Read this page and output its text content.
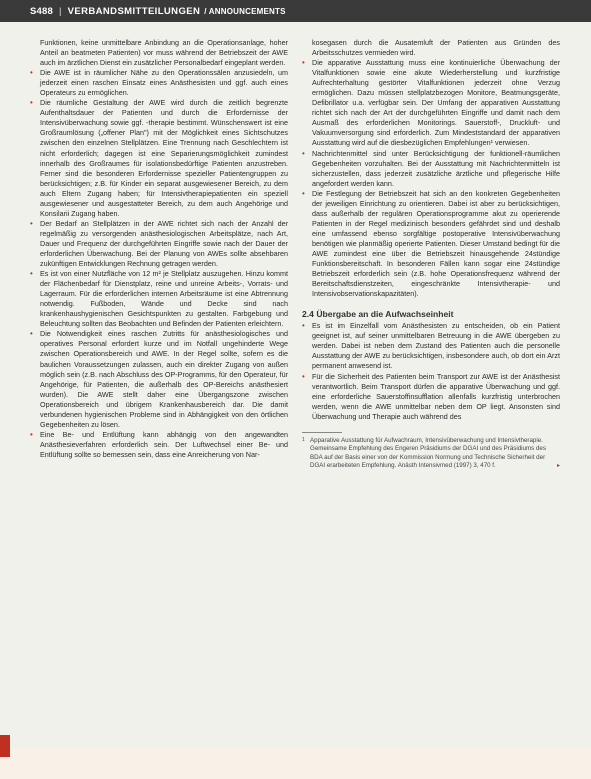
S488 | VERBANDSMITTEILUNGEN / ANNOUNCEMENTS
Funktionen, keine unmittelbare Anbindung an die Operationsanlage, hoher Anteil an beatmeten Patienten) vor muss während der Betriebszeit der AWE auch im ärztlichen Dienst ein zusätzlicher Personalbedarf eingeplant werden.
• Die AWE ist in räumlicher Nähe zu den Operationssälen anzusiedeln, um jederzeit einen raschen Einsatz eines Anästhesisten und ggf. auch eines Operateurs zu ermöglichen.
• Die räumliche Gestaltung der AWE wird durch die zeitlich begrenzte Aufenthaltsdauer der Patienten und durch die Erfordernisse der Intensivüberwachung sowie ggf. -therapie bestimmt. Wünschenswert ist eine Großraumlösung („offener Plan") mit der Möglichkeit eines Sichtschutzes zwischen den einzelnen Stellplätzen. Eine Trennung nach Geschlechtern ist nicht erforderlich; dagegen ist eine Separierungsmöglichkeit zumindest innerhalb des Großraumes für isolationsbedürftige Patienten anzustreben. Ferner sind die besonderen Erfordernisse spezieller Patientengruppen zu berücksichtigen; z.B. für Kinder ein separat ausgewiesener Bereich, zu dem auch Eltern Zugang haben; für Intensivtherapiepatienten ein speziell ausgewiesener und ausgestatteter Bereich, zu dem auch Angehörige und Konsilarii Zugang haben.
• Der Bedarf an Stellplätzen in der AWE richtet sich nach der Anzahl der regelmäßig zu versorgenden anästhesiologischen Arbeitsplätze, nach Art, Dauer und Frequenz der durchgeführten Eingriffe sowie nach der Dauer der erforderlichen Überwachung. Bei der Planung von AWEs sollte absehbaren zukünftigen Entwicklungen Rechnung getragen werden.
• Es ist von einer Nutzfläche von 12 m² je Stellplatz auszugehen. Hinzu kommt der Flächenbedarf für Dienstplatz, reine und unreine Arbeits-, Vorrats- und Lagerraum. Für die erforderlichen internen Arbeitsräume ist eine Abtrennung notwendig. Fußboden, Wände und Decke sind nach krankenhaushygienischen Gesichtspunkten zu gestalten. Farbgebung und Beleuchtung sollten das Beobachten und Befinden der Patienten erleichtern.
• Die Notwendigkeit eines raschen Zutritts für anästhesiologisches und operatives Personal erfordert kurze und im Notfall ungehinderte Wege zwischen Operationsbereich und AWE. In der Regel sollte, sofern es die baulichen Voraussetzungen zulassen, auch ein direkter Zugang von außen möglich sein (z.B. nach Abschluss des OP-Programms, für den Operateur, für Angehörige, für Patienten, die außerhalb des OP-Bereichs anästhesiert wurden). Die AWE stellt daher eine Übergangszone zwischen Operationsbereich und übrigem Krankenhausbereich dar. Die damit verbundenen hygienischen Probleme sind in Abhängigkeit von den örtlichen Gegebenheiten zu lösen.
• Eine Be- und Entlüftung kann abhängig von den angewandten Anästhesieverfahren erforderlich sein. Der Luftwechsel einer Be- und Entlüftung sollte so bemessen sein, dass eine Anreicherung von Nar-
kosegasen durch die Ausatemluft der Patienten aus Gründen des Arbeitsschutzes vermieden wird.
• Die apparative Ausstattung muss eine kontinuierliche Überwachung der Vitalfunktionen sowie eine akute Wiederherstellung und kurzfristige Aufrechterhaltung gestörter Vitalfunktionen jederzeit ohne Verzug ermöglichen. Dazu müssen stellplatzbezogen Monitore, Beatmungsgeräte, Defibrillator u.a. verfügbar sein. Der Umfang der apparativen Ausstattung richtet sich nach der Art der durchgeführten Eingriffe und damit nach dem Ausmaß des erforderlichen Monitorings. Sauerstoff-, Druckluft- und Vakuumversorgung sind erforderlich. Zum Mindeststandard der apparativen Ausstattung wird auf die diesbezüglichen Empfehlungen¹ verwiesen.
• Nachrichtenmittel sind unter Berücksichtigung der funktionell-räumlichen Gegebenheiten vorzuhalten. Bei der Ausstattung mit Nachrichtenmitteln ist sicherzustellen, dass jederzeit zusätzliche ärztliche und pflegerische Hilfe angefordert werden kann.
• Die Festlegung der Betriebszeit hat sich an den konkreten Gegebenheiten der jeweiligen Einrichtung zu orientieren. Dabei ist aber zu berücksichtigen, dass außerhalb der regulären Operationsprogramme akut zu operierende Patienten in der Regel medizinisch besonders gefährdet sind und deshalb eine umfassend ebenso sorgfältige postoperative Intensivüberwachung benötigen wie planmäßig operierte Patienten. Dieser Umstand bedingt für die AWE zumindest eine über die Betriebszeit hinausgehende 24stündige Funktionsbereitschaft. In besonderen Fällen kann sogar eine 24stündige Betriebszeit erforderlich sein (z.B. hohe Operationsfrequenz während der Bereitschaftsdienstzeiten, eingeschränkte Intensivtherapie- und Intensivobservationskapazitäten).
2.4 Übergabe an die Aufwachseinheit
• Es ist im Einzelfall vom Anästhesisten zu entscheiden, ob ein Patient geeignet ist, auf seiner unmittelbaren Betreuung in die AWE übergeben zu werden. Dabei ist neben dem Zustand des Patienten auch die personelle Ausstattung der AWE zu berücksichtigen, insbesondere auch, ob dort ein Arzt permanent anwesend ist.
• Für die Sicherheit des Patienten beim Transport zur AWE ist der Anästhesist verantwortlich. Beim Transport dürfen die apparative Überwachung und ggf. eine erforderliche Sauerstoffinsufflation allenfalls kurzfristig unterbrochen werden, wenn die AWE unmittelbar neben dem OP liegt. Ansonsten sind Überwachung und Therapie auch während des
1 Apparative Ausstattung für Aufwachraum, Intensivüberwachung und Intensivtherapie. Gemeinsame Empfehlung des Engeren Präsidiums der DGAI und des Präsidiums des BDA auf der Basis einer von der Kommission Normung und Technische Sicherheit der DGAI erarbeiteten Empfehlung. Anästh Intensivmed (1997) 3, 470 f.	▸
